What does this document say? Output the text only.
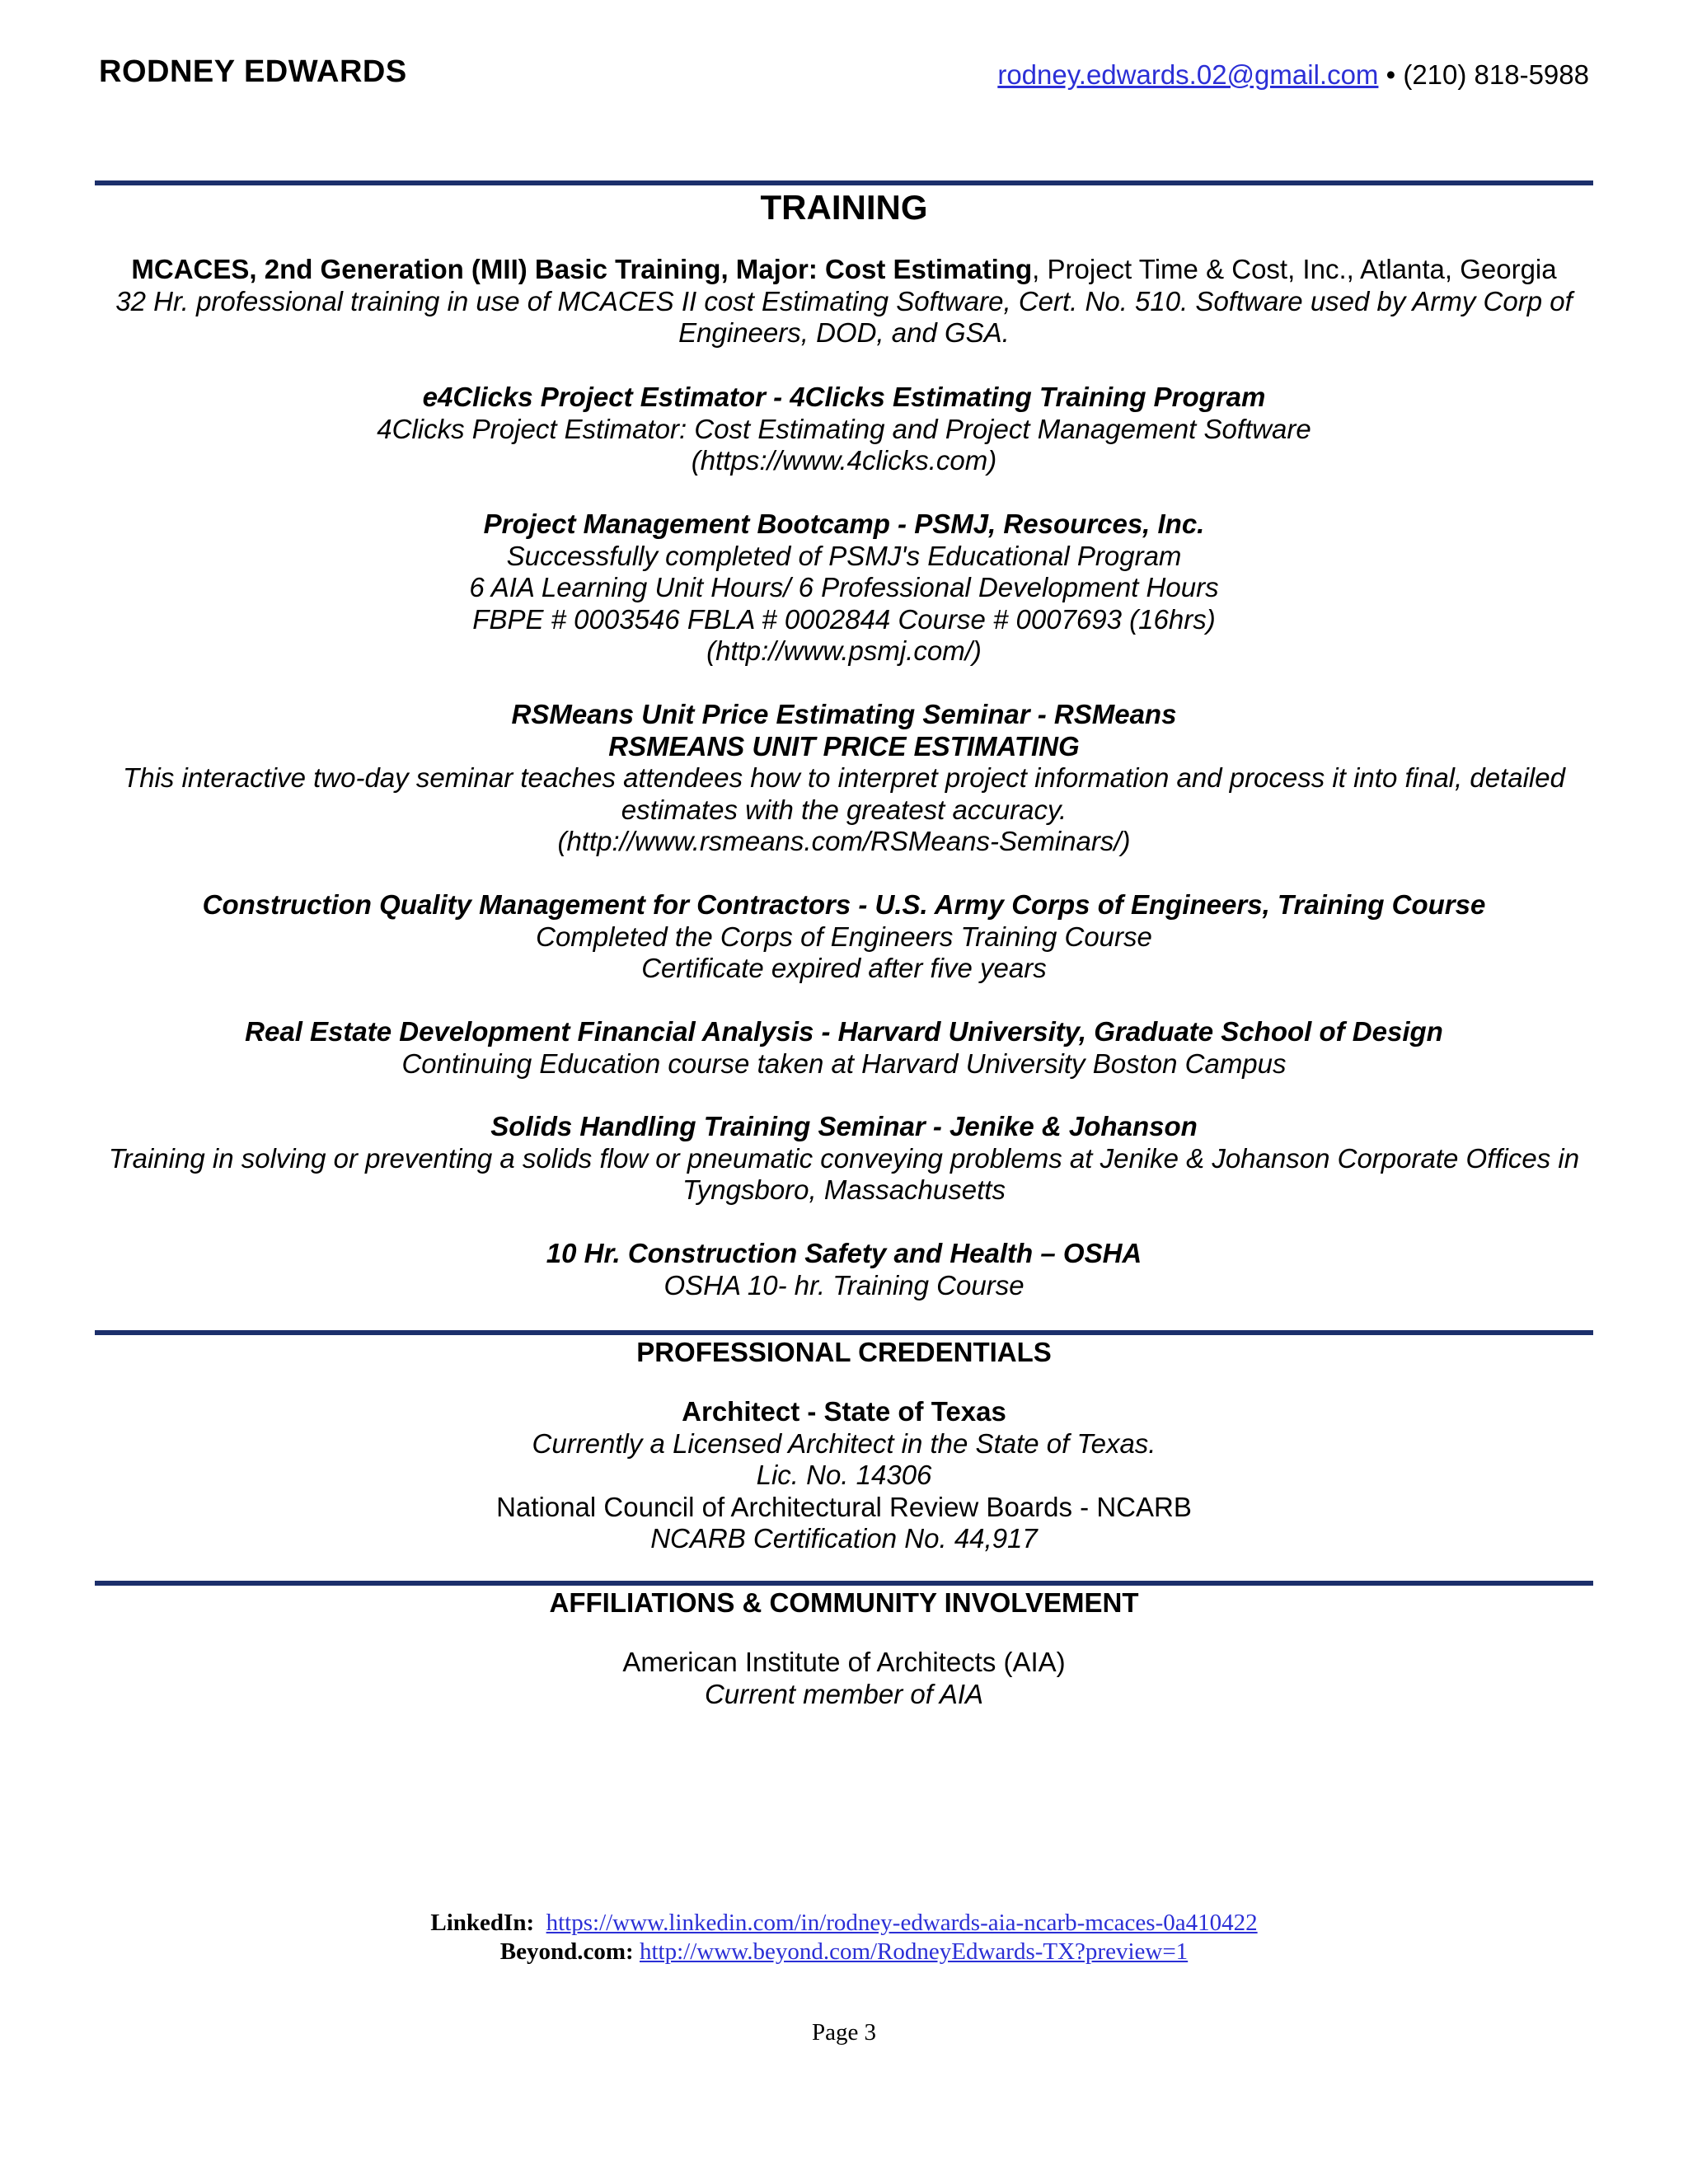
RODNEY EDWARDS	rodney.edwards.02@gmail.com • (210) 818-5988
TRAINING
MCACES, 2nd Generation (MII) Basic Training, Major: Cost Estimating, Project Time & Cost, Inc., Atlanta, Georgia
32 Hr. professional training in use of MCACES II cost Estimating Software, Cert. No. 510. Software used by Army Corp of Engineers, DOD, and GSA.
e4Clicks Project Estimator - 4Clicks Estimating Training Program
4Clicks Project Estimator: Cost Estimating and Project Management Software
(https://www.4clicks.com)
Project Management Bootcamp - PSMJ, Resources, Inc.
Successfully completed of PSMJ's Educational Program
6 AIA Learning Unit Hours/ 6 Professional Development Hours
FBPE # 0003546 FBLA # 0002844 Course # 0007693 (16hrs)
(http://www.psmj.com/)
RSMeans Unit Price Estimating Seminar - RSMeans
RSMEANS UNIT PRICE ESTIMATING
This interactive two-day seminar teaches attendees how to interpret project information and process it into final, detailed estimates with the greatest accuracy.
(http://www.rsmeans.com/RSMeans-Seminars/)
Construction Quality Management for Contractors - U.S. Army Corps of Engineers, Training Course
Completed the Corps of Engineers Training Course
Certificate expired after five years
Real Estate Development Financial Analysis - Harvard University, Graduate School of Design
Continuing Education course taken at Harvard University Boston Campus
Solids Handling Training Seminar - Jenike & Johanson
Training in solving or preventing a solids flow or pneumatic conveying problems at Jenike & Johanson Corporate Offices in Tyngsboro, Massachusetts
10 Hr. Construction Safety and Health – OSHA
OSHA 10- hr. Training Course
PROFESSIONAL CREDENTIALS
Architect - State of Texas
Currently a Licensed Architect in the State of Texas.
Lic. No. 14306
National Council of Architectural Review Boards - NCARB
NCARB Certification No. 44,917
AFFILIATIONS & COMMUNITY INVOLVEMENT
American Institute of Architects (AIA)
Current member of AIA
LinkedIn: https://www.linkedin.com/in/rodney-edwards-aia-ncarb-mcaces-0a410422
Beyond.com: http://www.beyond.com/RodneyEdwards-TX?preview=1
Page 3
